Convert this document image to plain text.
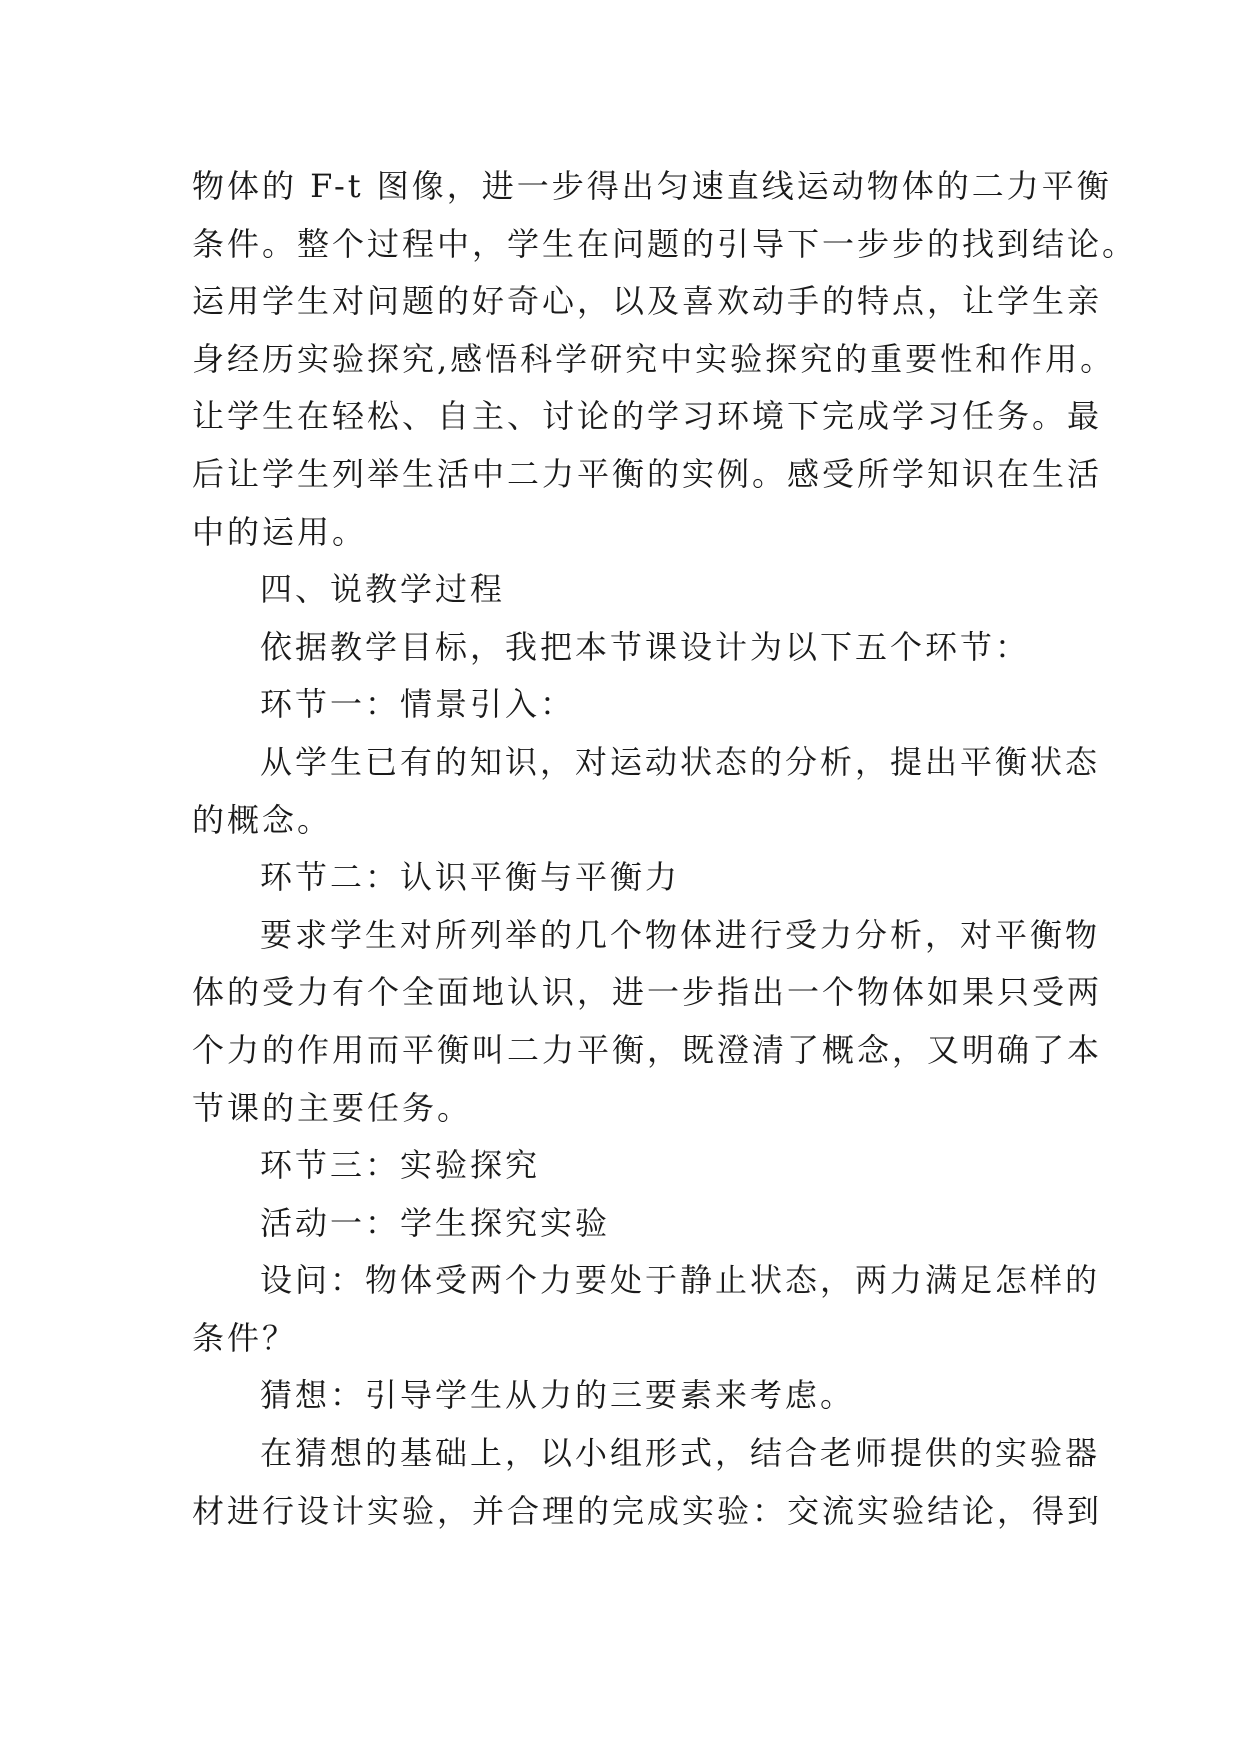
物体的 F-t 图像，进一步得出匀速直线运动物体的二力平衡
条件。整个过程中，学生在问题的引导下一步步的找到结论。
运用学生对问题的好奇心，以及喜欢动手的特点，让学生亲
身经历实验探究,感悟科学研究中实验探究的重要性和作用。
让学生在轻松、自主、讨论的学习环境下完成学习任务。最
后让学生列举生活中二力平衡的实例。感受所学知识在生活
中的运用。
四、说教学过程
依据教学目标，我把本节课设计为以下五个环节：
环节一：情景引入：
从学生已有的知识，对运动状态的分析，提出平衡状态
的概念。
环节二：认识平衡与平衡力
要求学生对所列举的几个物体进行受力分析，对平衡物
体的受力有个全面地认识，进一步指出一个物体如果只受两
个力的作用而平衡叫二力平衡，既澄清了概念，又明确了本
节课的主要任务。
环节三：实验探究
活动一：学生探究实验
设问：物体受两个力要处于静止状态，两力满足怎样的
条件？
猜想：引导学生从力的三要素来考虑。
在猜想的基础上，以小组形式，结合老师提供的实验器
材进行设计实验，并合理的完成实验：交流实验结论，得到
